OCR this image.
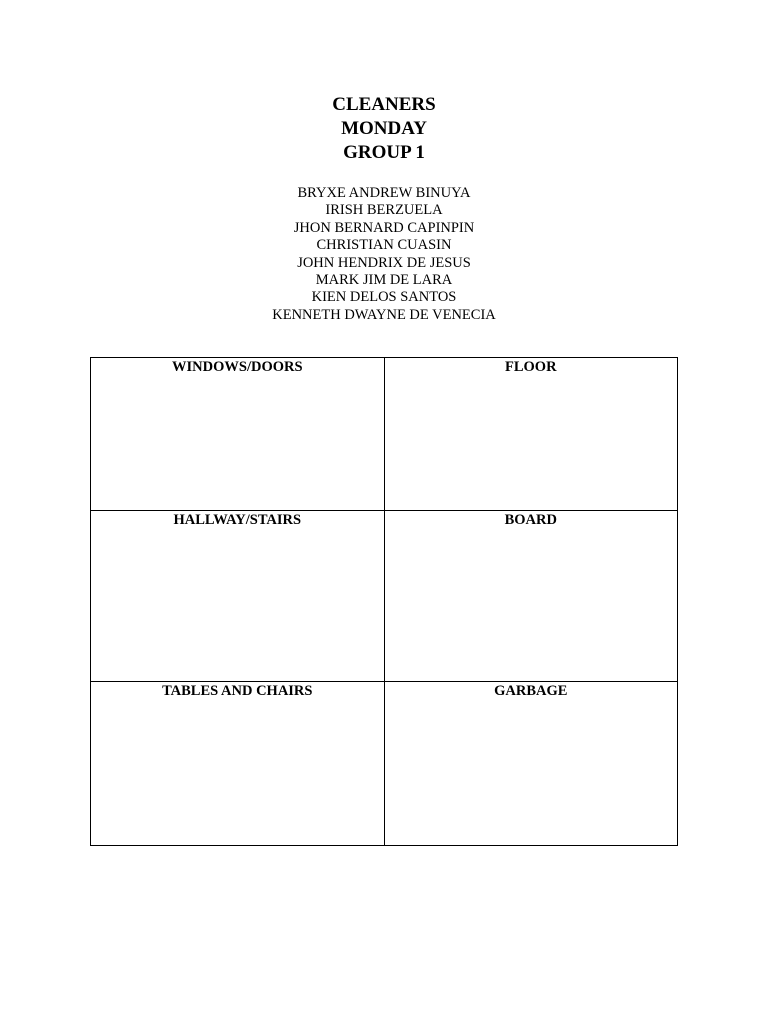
CLEANERS
MONDAY
GROUP 1
BRYXE ANDREW BINUYA
IRISH BERZUELA
JHON BERNARD CAPINPIN
CHRISTIAN CUASIN
JOHN HENDRIX DE JESUS
MARK JIM DE LARA
KIEN DELOS SANTOS
KENNETH DWAYNE DE VENECIA
WINDOWS/DOORS	FLOOR

HALLWAY/STAIRS	BOARD

TABLES AND CHAIRS	GARBAGE
